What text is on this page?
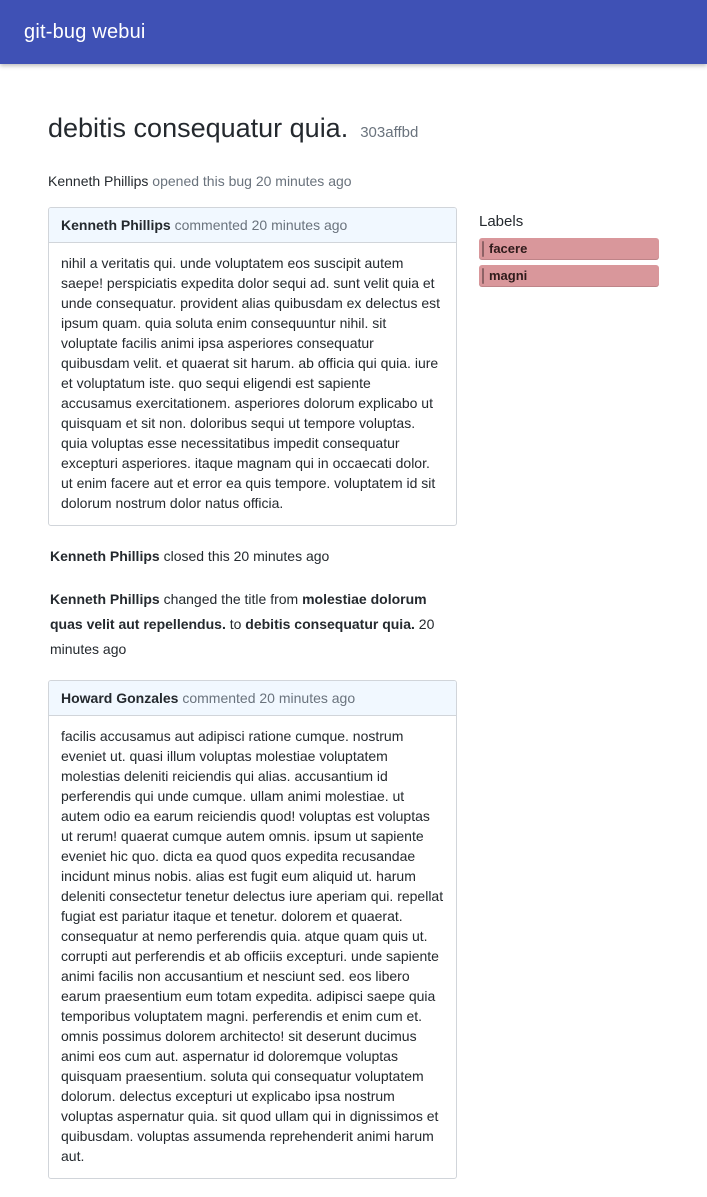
git-bug webui
debitis consequatur quia. 303affbd
Kenneth Phillips opened this bug 20 minutes ago
Kenneth Phillips commented 20 minutes ago

nihil a veritatis qui. unde voluptatem eos suscipit autem saepe! perspiciatis expedita dolor sequi ad. sunt velit quia et unde consequatur. provident alias quibusdam ex delectus est ipsum quam. quia soluta enim consequuntur nihil. sit voluptate facilis animi ipsa asperiores consequatur quibusdam velit. et quaerat sit harum. ab officia qui quia. iure et voluptatum iste. quo sequi eligendi est sapiente accusamus exercitationem. asperiores dolorum explicabo ut quisquam et sit non. doloribus sequi ut tempore voluptas. quia voluptas esse necessitatibus impedit consequatur excepturi asperiores. itaque magnam qui in occaecati dolor. ut enim facere aut et error ea quis tempore. voluptatem id sit dolorum nostrum dolor natus officia.

Kenneth Phillips closed this 20 minutes ago
Kenneth Phillips changed the title from molestiae dolorum quas velit aut repellendus. to debitis consequatur quia. 20 minutes ago
Howard Gonzales commented 20 minutes ago

facilis accusamus aut adipisci ratione cumque. nostrum eveniet ut. quasi illum voluptas molestiae voluptatem molestias deleniti reiciendis qui alias. accusantium id perferendis qui unde cumque. ullam animi molestiae. ut autem odio ea earum reiciendis quod! voluptas est voluptas ut rerum! quaerat cumque autem omnis. ipsum ut sapiente eveniet hic quo. dicta ea quod quos expedita recusandae incidunt minus nobis. alias est fugit eum aliquid ut. harum deleniti consectetur tenetur delectus iure aperiam qui. repellat fugiat est pariatur itaque et tenetur. dolorem et quaerat. consequatur at nemo perferendis quia. atque quam quis ut. corrupti aut perferendis et ab officiis excepturi. unde sapiente animi facilis non accusantium et nesciunt sed. eos libero earum praesentium eum totam expedita. adipisci saepe quia temporibus voluptatem magni. perferendis et enim cum et. omnis possimus dolorem architecto! sit deserunt ducimus animi eos cum aut. aspernatur id doloremque voluptas quisquam praesentium. soluta qui consequatur voluptatem dolorum. delectus excepturi ut explicabo ipsa nostrum voluptas aspernatur quia. sit quod ullam qui in dignissimos et quibusdam. voluptas assumenda reprehenderit animi harum aut.

Labels
facere
magni
